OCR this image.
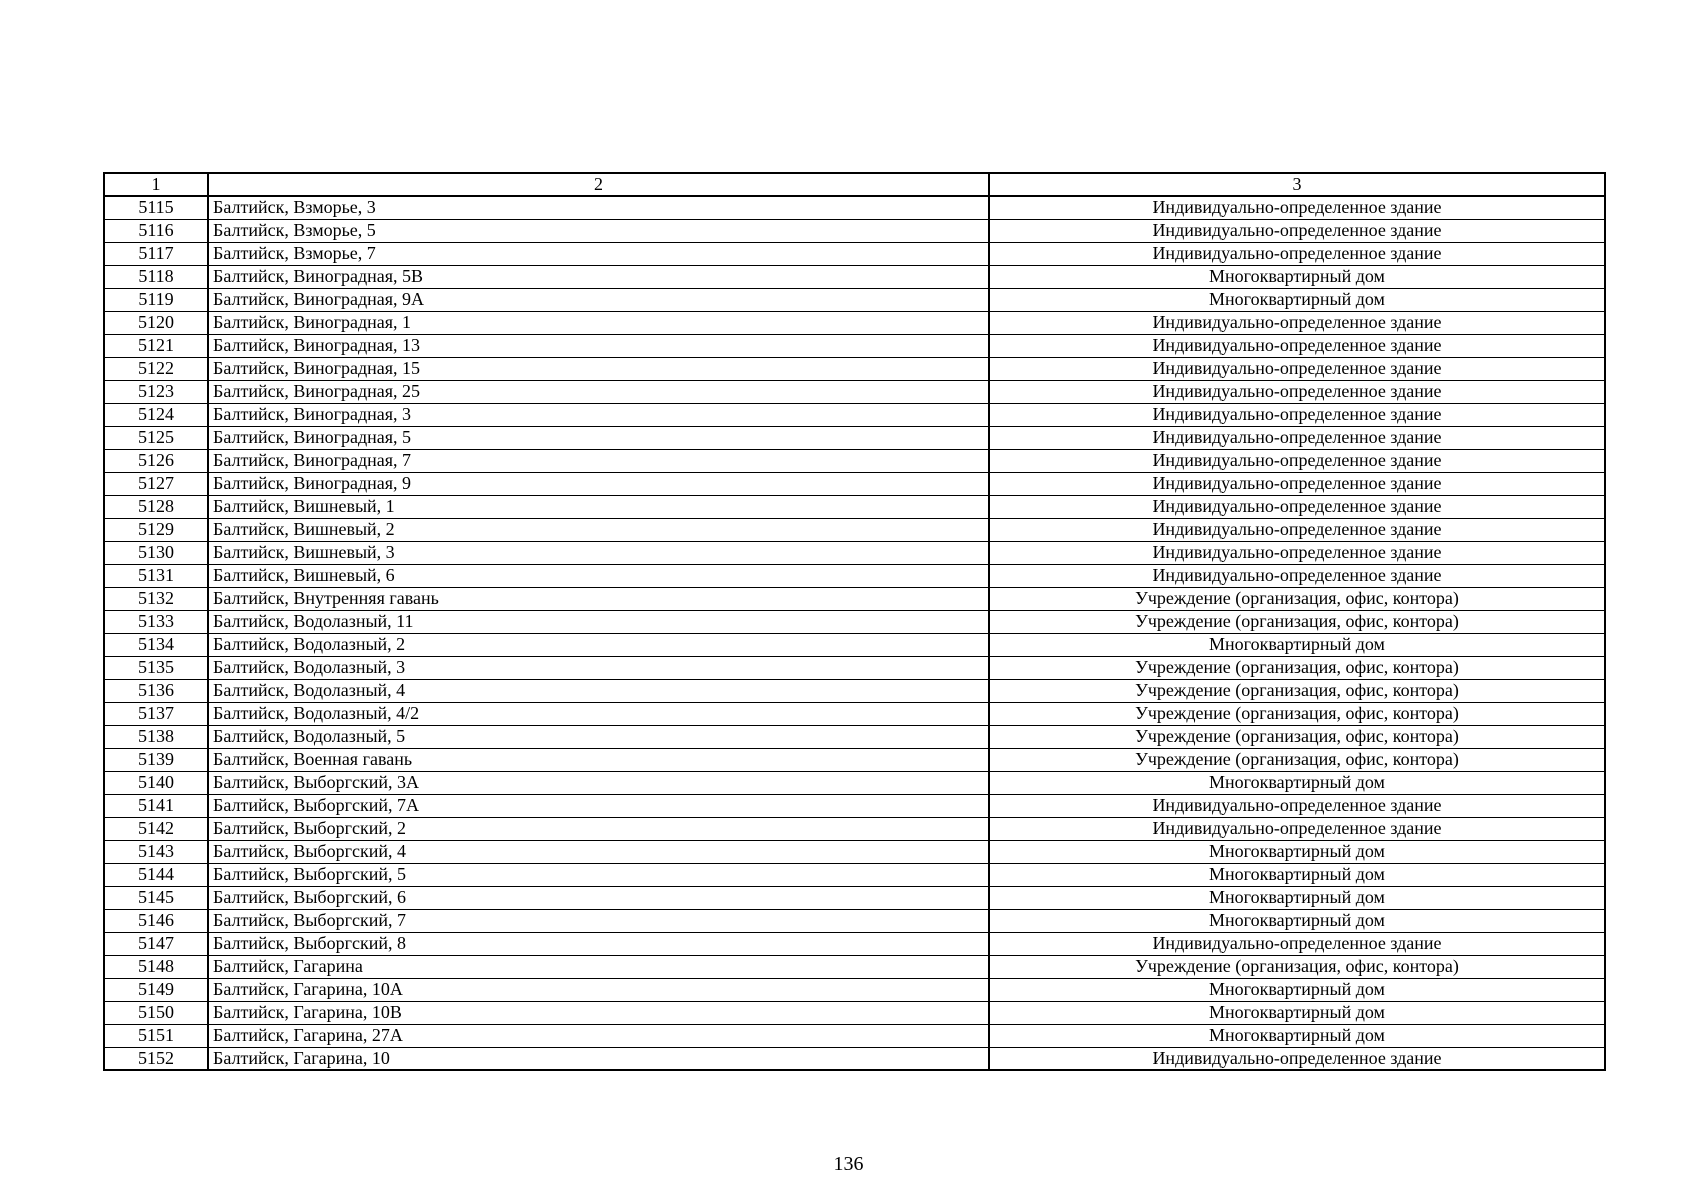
1	2	3
5115	Балтийск, Взморье, 3	Индивидуально-определенное здание
5116	Балтийск, Взморье, 5	Индивидуально-определенное здание
5117	Балтийск, Взморье, 7	Индивидуально-определенное здание
5118	Балтийск, Виноградная, 5В	Многоквартирный дом
5119	Балтийск, Виноградная, 9А	Многоквартирный дом
5120	Балтийск, Виноградная, 1	Индивидуально-определенное здание
5121	Балтийск, Виноградная, 13	Индивидуально-определенное здание
5122	Балтийск, Виноградная, 15	Индивидуально-определенное здание
5123	Балтийск, Виноградная, 25	Индивидуально-определенное здание
5124	Балтийск, Виноградная, 3	Индивидуально-определенное здание
5125	Балтийск, Виноградная, 5	Индивидуально-определенное здание
5126	Балтийск, Виноградная, 7	Индивидуально-определенное здание
5127	Балтийск, Виноградная, 9	Индивидуально-определенное здание
5128	Балтийск, Вишневый, 1	Индивидуально-определенное здание
5129	Балтийск, Вишневый, 2	Индивидуально-определенное здание
5130	Балтийск, Вишневый, 3	Индивидуально-определенное здание
5131	Балтийск, Вишневый, 6	Индивидуально-определенное здание
5132	Балтийск, Внутренняя гавань	Учреждение (организация, офис, контора)
5133	Балтийск, Водолазный, 11	Учреждение (организация, офис, контора)
5134	Балтийск, Водолазный, 2	Многоквартирный дом
5135	Балтийск, Водолазный, 3	Учреждение (организация, офис, контора)
5136	Балтийск, Водолазный, 4	Учреждение (организация, офис, контора)
5137	Балтийск, Водолазный, 4/2	Учреждение (организация, офис, контора)
5138	Балтийск, Водолазный, 5	Учреждение (организация, офис, контора)
5139	Балтийск, Военная гавань	Учреждение (организация, офис, контора)
5140	Балтийск, Выборгский, 3А	Многоквартирный дом
5141	Балтийск, Выборгский, 7А	Индивидуально-определенное здание
5142	Балтийск, Выборгский, 2	Индивидуально-определенное здание
5143	Балтийск, Выборгский, 4	Многоквартирный дом
5144	Балтийск, Выборгский, 5	Многоквартирный дом
5145	Балтийск, Выборгский, 6	Многоквартирный дом
5146	Балтийск, Выборгский, 7	Многоквартирный дом
5147	Балтийск, Выборгский, 8	Индивидуально-определенное здание
5148	Балтийск, Гагарина	Учреждение (организация, офис, контора)
5149	Балтийск, Гагарина, 10А	Многоквартирный дом
5150	Балтийск, Гагарина, 10В	Многоквартирный дом
5151	Балтийск, Гагарина, 27А	Многоквартирный дом
5152	Балтийск, Гагарина, 10	Индивидуально-определенное здание
136
